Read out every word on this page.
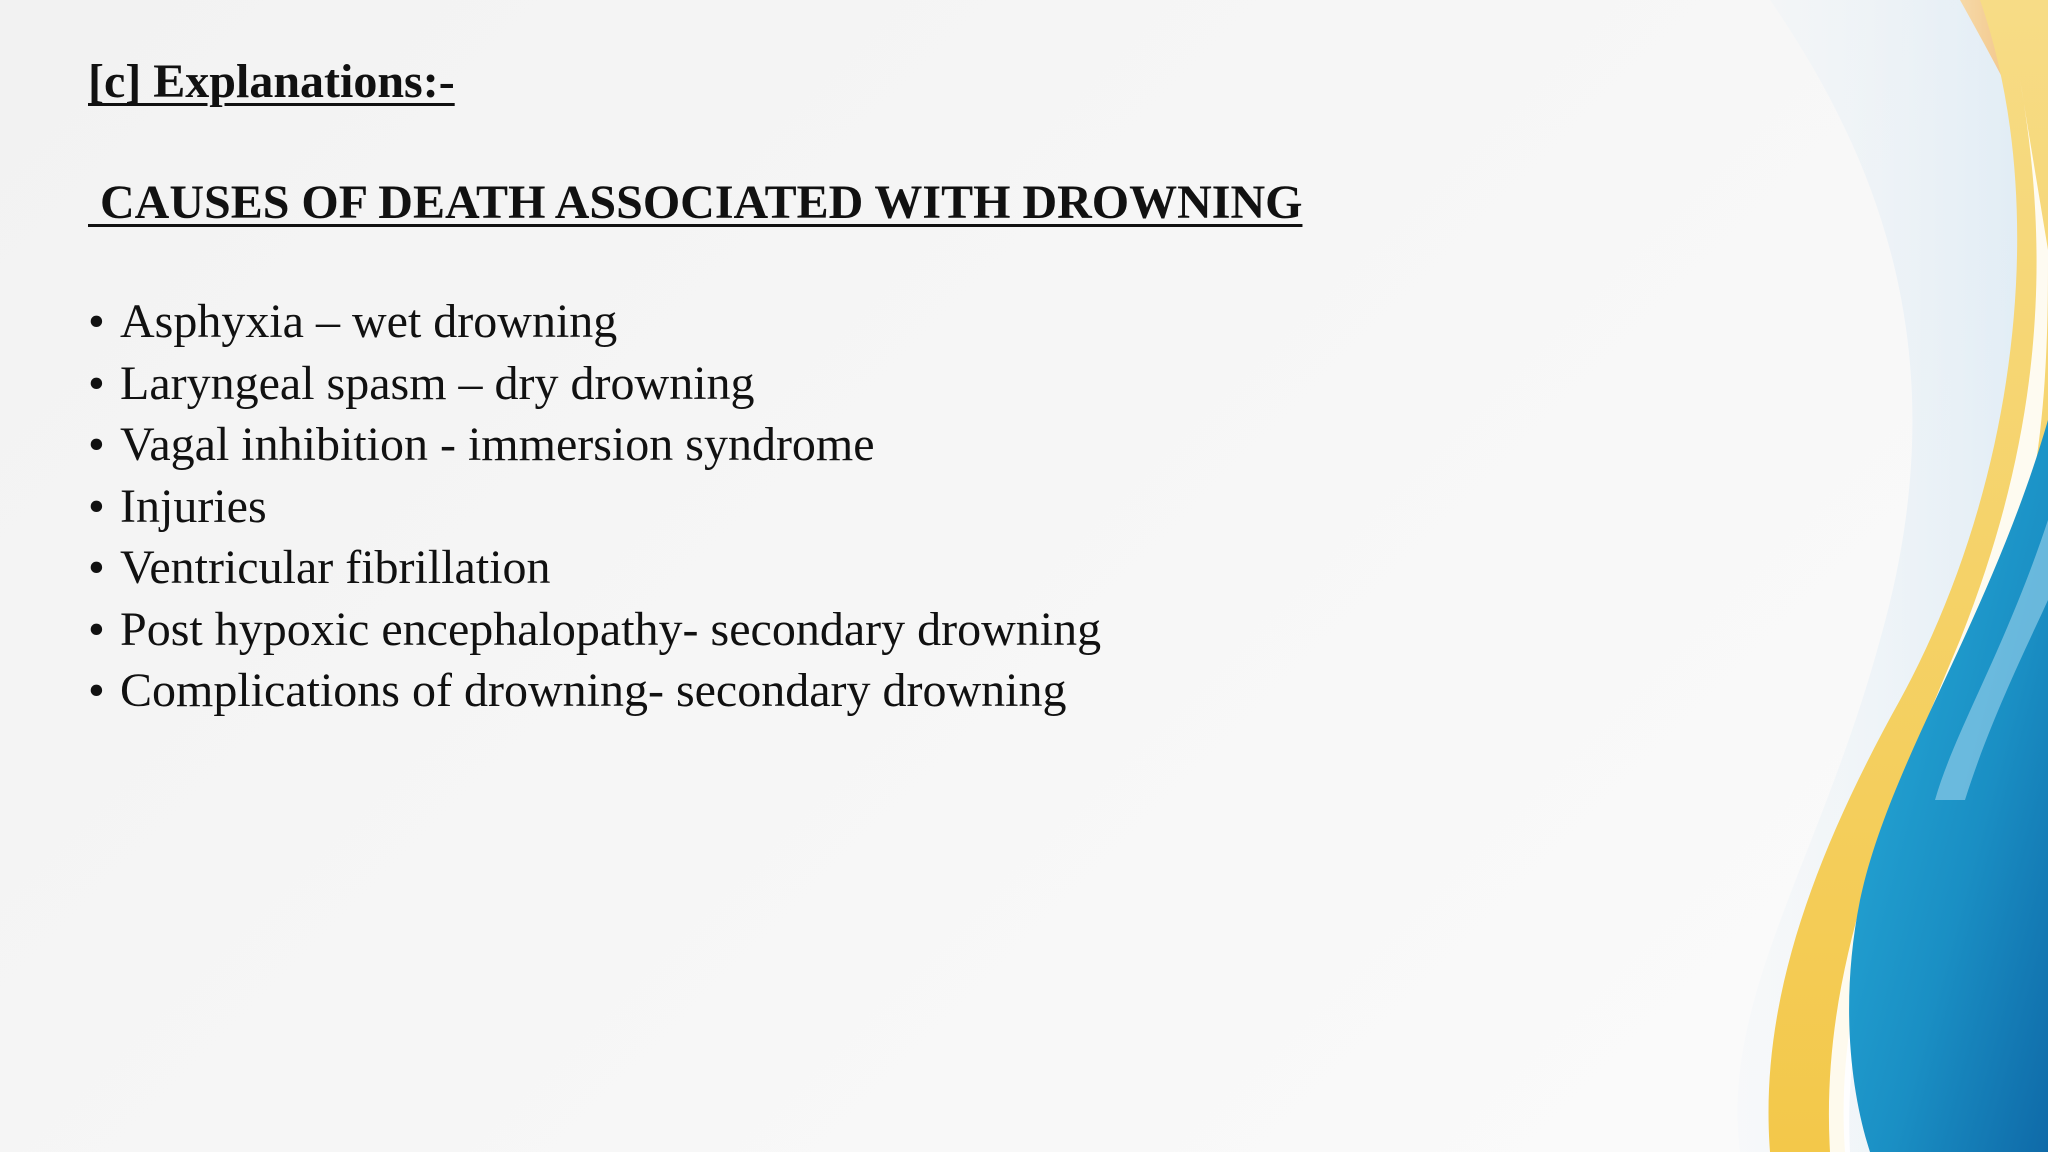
[c] Explanations:-

CAUSES OF DEATH ASSOCIATED WITH DROWNING

• Asphyxia – wet drowning
• Laryngeal spasm – dry drowning
• Vagal inhibition - immersion syndrome
• Injuries
• Ventricular fibrillation
• Post hypoxic encephalopathy- secondary drowning
• Complications of drowning- secondary drowning
